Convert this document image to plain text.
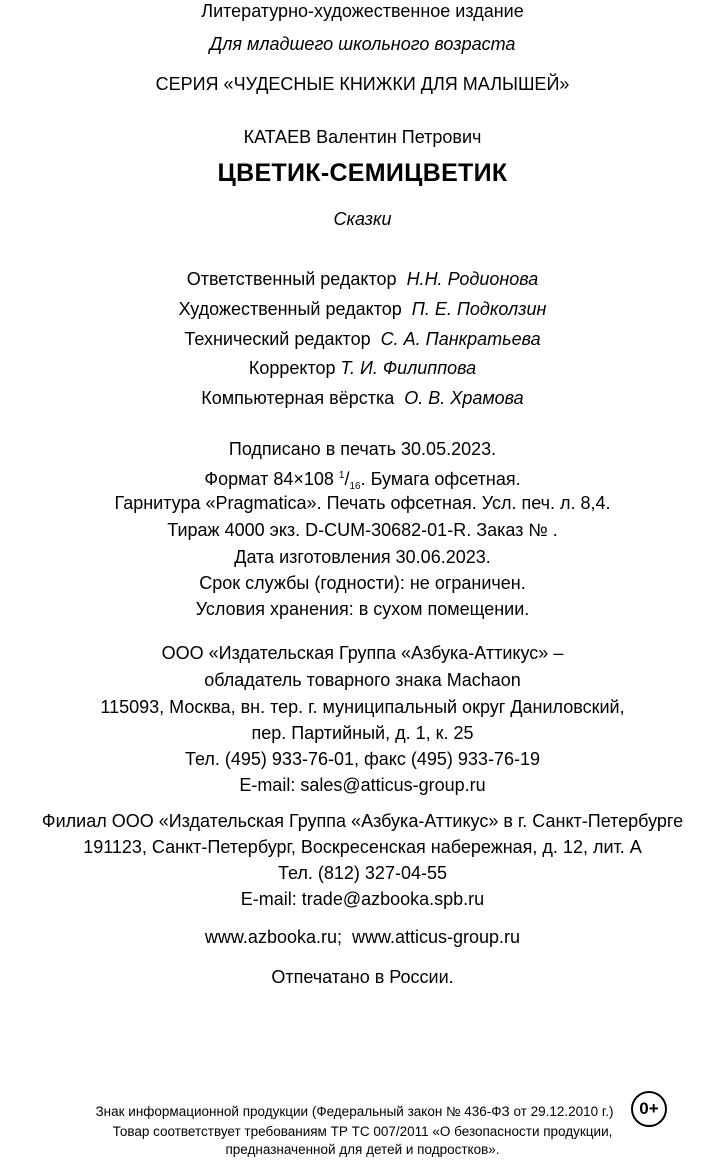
Литературно-художественное издание
Для младшего школьного возраста
СЕРИЯ «ЧУДЕСНЫЕ КНИЖКИ ДЛЯ МАЛЫШЕЙ»
КАТАЕВ Валентин Петрович
ЦВЕТИК-СЕМИЦВЕТИК
Сказки
Ответственный редактор Н.Н. Родионова
Художественный редактор П. Е. Подколзин
Технический редактор С. А. Панкратьева
Корректор Т. И. Филиппова
Компьютерная вёрстка О. В. Храмова
Подписано в печать 30.05.2023.
Формат 84×108 $^1/_{16}$. Бумага офсетная.
Гарнитура «Pragmatica». Печать офсетная. Усл. печ. л. 8,4.
Тираж 4000 экз. D-CUM-30682-01-R. Заказ № .
Дата изготовления 30.06.2023.
Срок службы (годности): не ограничен.
Условия хранения: в сухом помещении.
ООО «Издательская Группа «Азбука-Аттикус» –
обладатель товарного знака Machaon
115093, Москва, вн. тер. г. муниципальный округ Даниловский,
пер. Партийный, д. 1, к. 25
Тел. (495) 933-76-01, факс (495) 933-76-19
E-mail: sales@atticus-group.ru
Филиал ООО «Издательская Группа «Азбука-Аттикус» в г. Санкт-Петербурге
191123, Санкт-Петербург, Воскресенская набережная, д. 12, лит. А
Тел. (812) 327-04-55
E-mail: trade@azbooka.spb.ru
www.azbooka.ru;  www.atticus-group.ru
Отпечатано в России.
Знак информационной продукции (Федеральный закон № 436-ФЗ от 29.12.2010 г.)
Товар соответствует требованиям ТР ТС 007/2011 «О безопасности продукции,
предназначенной для детей и подростков».
0+
